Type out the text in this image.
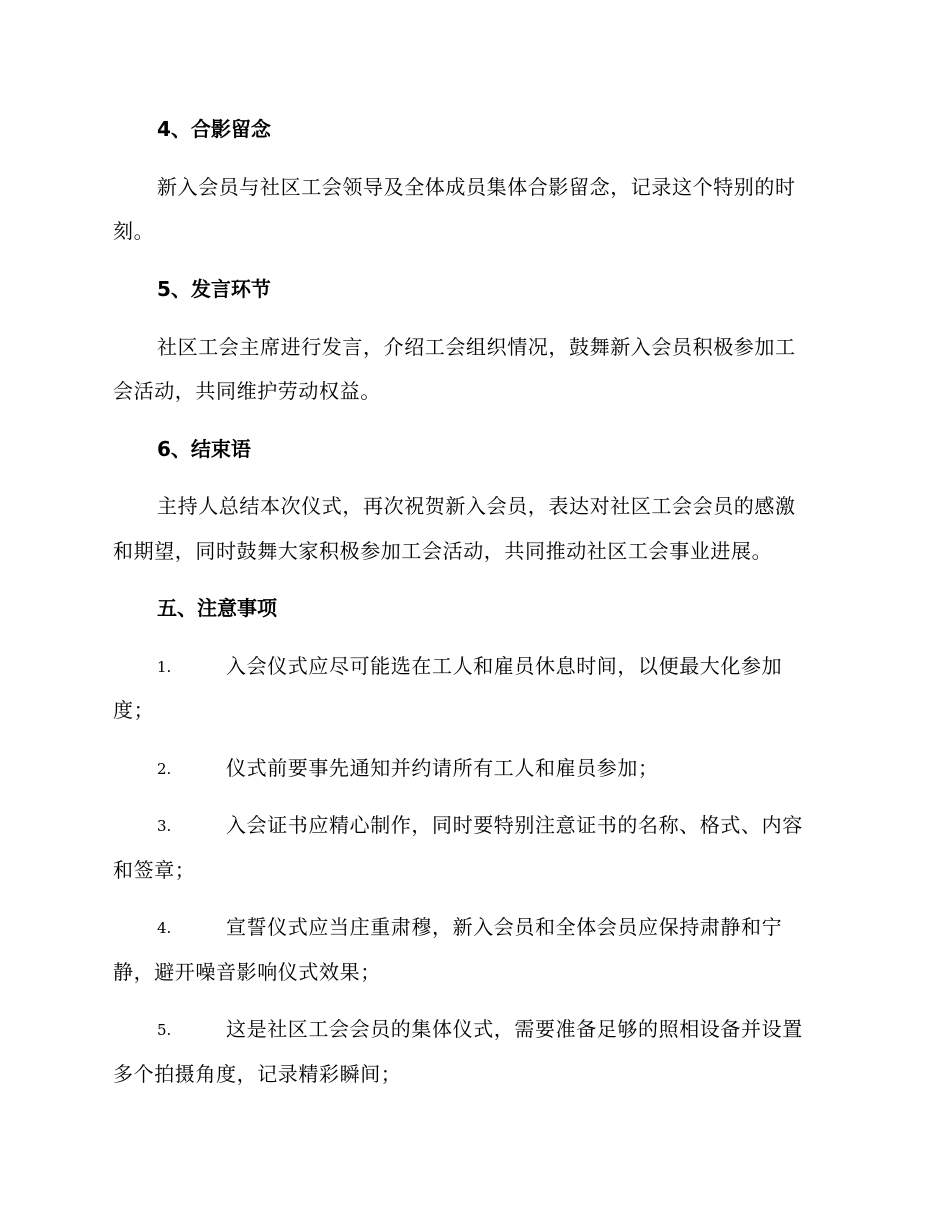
4、合影留念
新入会员与社区工会领导及全体成员集体合影留念，记录这个特别的时
刻。
5、发言环节
社区工会主席进行发言，介绍工会组织情况，鼓舞新入会员积极参加工
会活动，共同维护劳动权益。
6、结束语
主持人总结本次仪式，再次祝贺新入会员，表达对社区工会会员的感激
和期望，同时鼓舞大家积极参加工会活动，共同推动社区工会事业进展。
五、注意事项
1.	入会仪式应尽可能选在工人和雇员休息时间，以便最大化参加
度；
2.	仪式前要事先通知并约请所有工人和雇员参加；
3.	入会证书应精心制作，同时要特别注意证书的名称、格式、内容
和签章；
4.	宣誓仪式应当庄重肃穆，新入会员和全体会员应保持肃静和宁
静，避开噪音影响仪式效果；
5.	这是社区工会会员的集体仪式，需要准备足够的照相设备并设置
多个拍摄角度，记录精彩瞬间；
